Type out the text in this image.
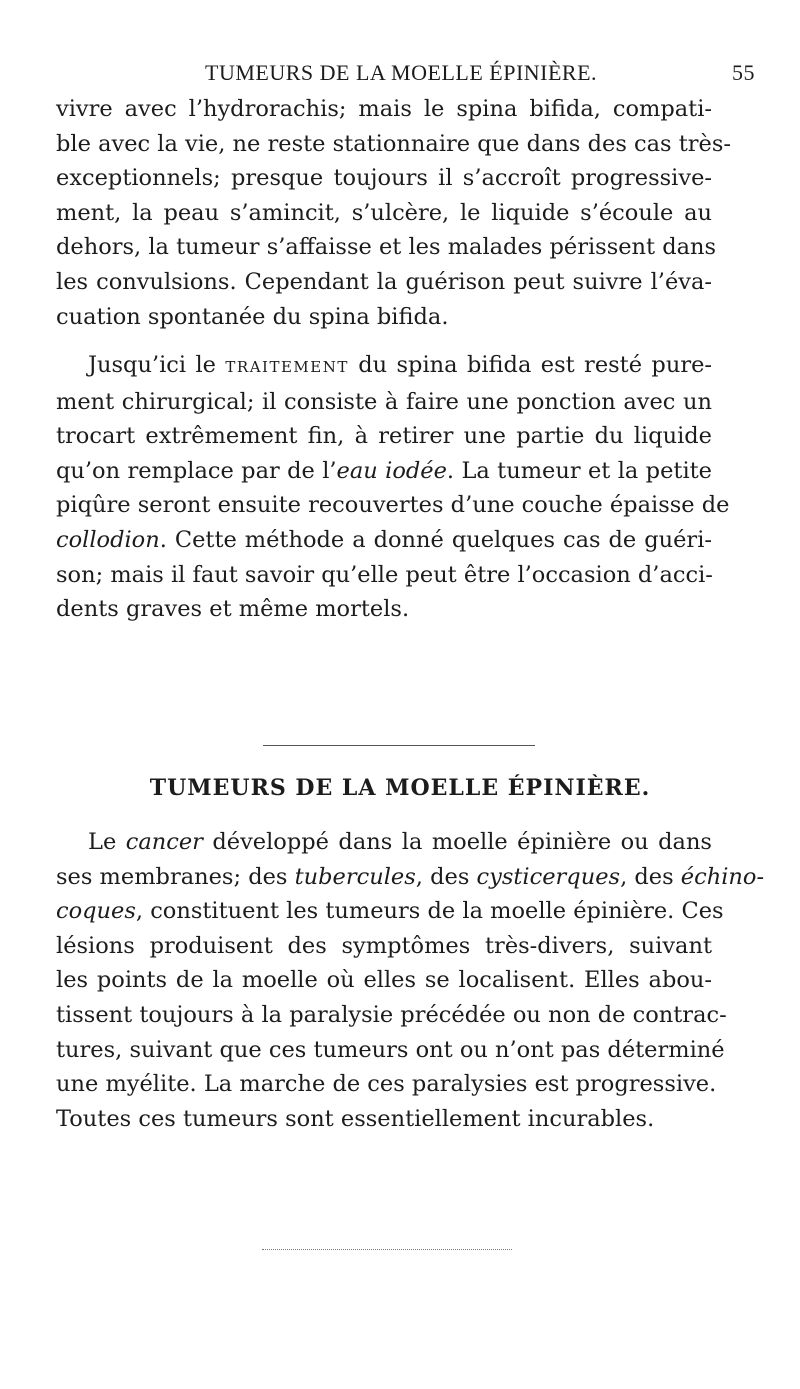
TUMEURS DE LA MOELLE ÉPINIÈRE.	55
vivre avec l’hydrorachis; mais le spina bifida, compati-
ble avec la vie, ne reste stationnaire que dans des cas très-
exceptionnels; presque toujours il s’accroît progressive-
ment, la peau s’amincit, s’ulcère, le liquide s’écoule au
dehors, la tumeur s’affaisse et les malades périssent dans
les convulsions. Cependant la guérison peut suivre l’éva-
cuation spontanée du spina bifida.
Jusqu’ici le TRAITEMENT du spina bifida est resté pure-
ment chirurgical; il consiste à faire une ponction avec un
trocart extrêmement fin, à retirer une partie du liquide
qu’on remplace par de l’eau iodée. La tumeur et la petite
piqûre seront ensuite recouvertes d’une couche épaisse de
collodion. Cette méthode a donné quelques cas de guéri-
son; mais il faut savoir qu’elle peut être l’occasion d’acci-
dents graves et même mortels.
TUMEURS DE LA MOELLE ÉPINIÈRE.
Le cancer développé dans la moelle épinière ou dans
ses membranes; des tubercules, des cysticerques, des échino-
coques, constituent les tumeurs de la moelle épinière. Ces
lésions produisent des symptômes très-divers, suivant
les points de la moelle où elles se localisent. Elles abou-
tissent toujours à la paralysie précédée ou non de contrac-
tures, suivant que ces tumeurs ont ou n’ont pas déterminé
une myélite. La marche de ces paralysies est progressive.
Toutes ces tumeurs sont essentiellement incurables.
